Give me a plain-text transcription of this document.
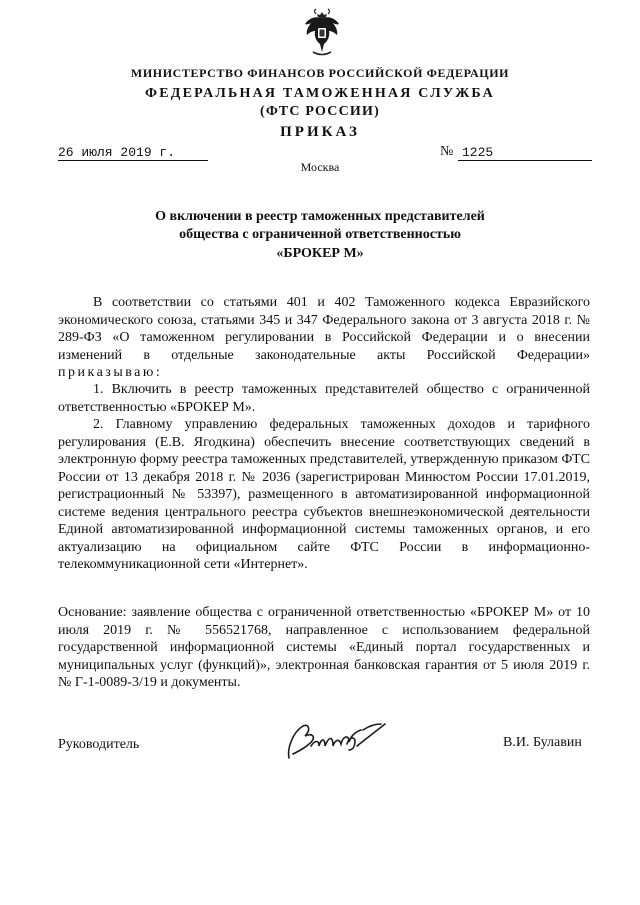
МИНИСТЕРСТВО ФИНАНСОВ РОССИЙСКОЙ ФЕДЕРАЦИИ
ФЕДЕРАЛЬНАЯ ТАМОЖЕННАЯ СЛУЖБА
(ФТС РОССИИ)
ПРИКАЗ
26 июля 2019 г.	№ 1225
Москва
О включении в реестр таможенных представителей
общества с ограниченной ответственностью
«БРОКЕР М»
В соответствии со статьями 401 и 402 Таможенного кодекса Евразийского экономического союза, статьями 345 и 347 Федерального закона от 3 августа 2018 г. № 289-ФЗ «О таможенном регулировании в Российской Федерации и о внесении изменений в отдельные законодательные акты Российской Федерации» приказываю:
1. Включить в реестр таможенных представителей общество с ограниченной ответственностью «БРОКЕР М».
2. Главному управлению федеральных таможенных доходов и тарифного регулирования (Е.В. Ягодкина) обеспечить внесение соответствующих сведений в электронную форму реестра таможенных представителей, утвержденную приказом ФТС России от 13 декабря 2018 г. № 2036 (зарегистрирован Минюстом России 17.01.2019, регистрационный № 53397), размещенного в автоматизированной информационной системе ведения центрального реестра субъектов внешнеэкономической деятельности Единой автоматизированной информационной системы таможенных органов, и его актуализацию на официальном сайте ФТС России в информационно-телекоммуникационной сети «Интернет».
Основание: заявление общества с ограниченной ответственностью «БРОКЕР М» от 10 июля 2019 г. № 556521768, направленное с использованием федеральной государственной информационной системы «Единый портал государственных и муниципальных услуг (функций)», электронная банковская гарантия от 5 июля 2019 г. № Г-1-0089-3/19 и документы.
Руководитель	В.И. Булавин
